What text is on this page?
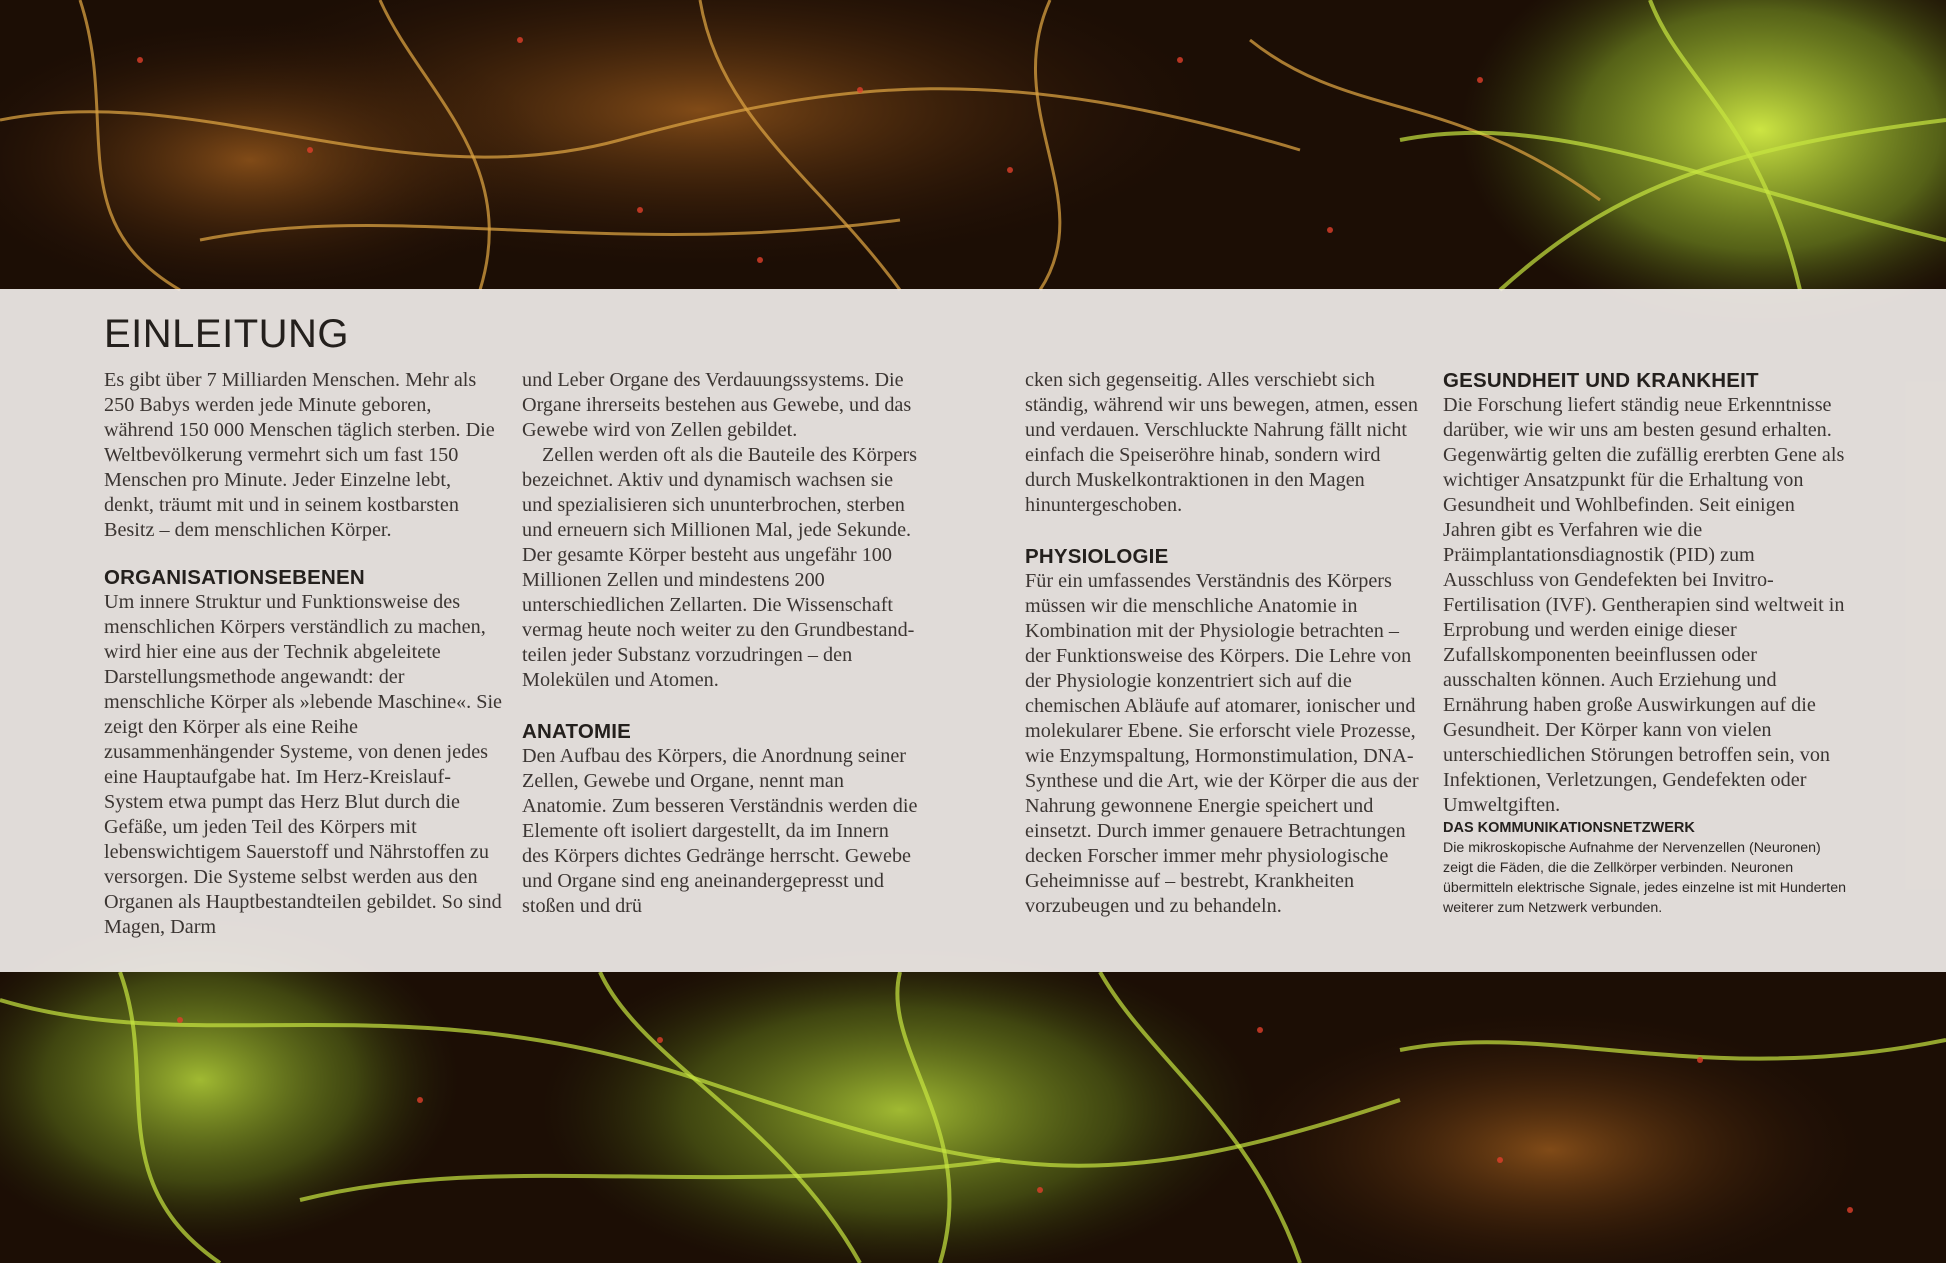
EINLEITUNG

Es gibt über 7 Milliarden Menschen. Mehr als 250 Babys werden jede Minute geboren, während 150 000 Menschen täglich sterben. Die Weltbevölkerung vermehrt sich um fast 150 Menschen pro Minute. Jeder Einzelne lebt, denkt, träumt mit und in seinem kostbarsten Besitz – dem menschlichen Körper.

ORGANISATIONSEBENEN

Um innere Struktur und Funktionsweise des menschlichen Körpers verständlich zu machen, wird hier eine aus der Technik abgeleitete Darstellungsmethode angewandt: der menschliche Körper als »lebende Maschine«. Sie zeigt den Körper als eine Reihe zusammenhängender Systeme, von denen jedes eine Hauptaufgabe hat. Im Herz-Kreislauf-System etwa pumpt das Herz Blut durch die Gefäße, um jeden Teil des Körpers mit lebenswichtigem Sauerstoff und Nährstoffen zu versorgen. Die Systeme selbst werden aus den Organen als Hauptbestandteilen gebildet. So sind Magen, Darm

und Leber Organe des Verdauungssystems. Die Organe ihrerseits bestehen aus Gewebe, und das Gewebe wird von Zellen gebildet.

Zellen werden oft als die Bauteile des Körpers bezeichnet. Aktiv und dynamisch wachsen sie und spezialisieren sich ununterbrochen, sterben und erneuern sich Millionen Mal, jede Sekunde. Der gesamte Körper besteht aus ungefähr 100 Millionen Zellen und mindestens 200 unterschiedlichen Zellarten. Die Wissenschaft vermag heute noch weiter zu den Grundbestandteilen jeder Substanz vorzudringen – den Molekülen und Atomen.

ANATOMIE

Den Aufbau des Körpers, die Anordnung seiner Zellen, Gewebe und Organe, nennt man Anatomie. Zum besseren Verständnis werden die Elemente oft isoliert dargestellt, da im Innern des Körpers dichtes Gedränge herrscht. Gewebe und Organe sind eng aneinandergepresst und stoßen und drü

cken sich gegenseitig. Alles verschiebt sich ständig, während wir uns bewegen, atmen, essen und verdauen. Verschluckte Nahrung fällt nicht einfach die Speiseröhre hinab, sondern wird durch Muskelkontraktionen in den Magen hinuntergeschoben.

PHYSIOLOGIE

Für ein umfassendes Verständnis des Körpers müssen wir die menschliche Anatomie in Kombination mit der Physiologie betrachten – der Funktionsweise des Körpers. Die Lehre von der Physiologie konzentriert sich auf die chemischen Abläufe auf atomarer, ionischer und molekularer Ebene. Sie erforscht viele Prozesse, wie Enzymspaltung, Hormonstimulation, DNA-Synthese und die Art, wie der Körper die aus der Nahrung gewonnene Energie speichert und einsetzt. Durch immer genauere Betrachtungen decken Forscher immer mehr physiologische Geheimnisse auf – bestrebt, Krankheiten vorzubeugen und zu behandeln.

GESUNDHEIT UND KRANKHEIT

Die Forschung liefert ständig neue Erkenntnisse darüber, wie wir uns am besten gesund erhalten. Gegenwärtig gelten die zufällig ererbten Gene als wichtiger Ansatzpunkt für die Erhaltung von Gesundheit und Wohlbefinden. Seit einigen Jahren gibt es Verfahren wie die Präimplantationsdiagnostik (PID) zum Ausschluss von Gendefekten bei Invitro-Fertilisation (IVF). Gentherapien sind weltweit in Erprobung und werden einige dieser Zufallskomponenten beeinflussen oder ausschalten können. Auch Erziehung und Ernährung haben große Auswirkungen auf die Gesundheit. Der Körper kann von vielen unterschiedlichen Störungen betroffen sein, von Infektionen, Verletzungen, Gendefekten oder Umweltgiften.

DAS KOMMUNIKATIONSNETZWERK

Die mikroskopische Aufnahme der Nervenzellen (Neuronen) zeigt die Fäden, die die Zellkörper verbinden. Neuronen übermitteln elektrische Signale, jedes einzelne ist mit Hunderten weiterer zum Netzwerk verbunden.
